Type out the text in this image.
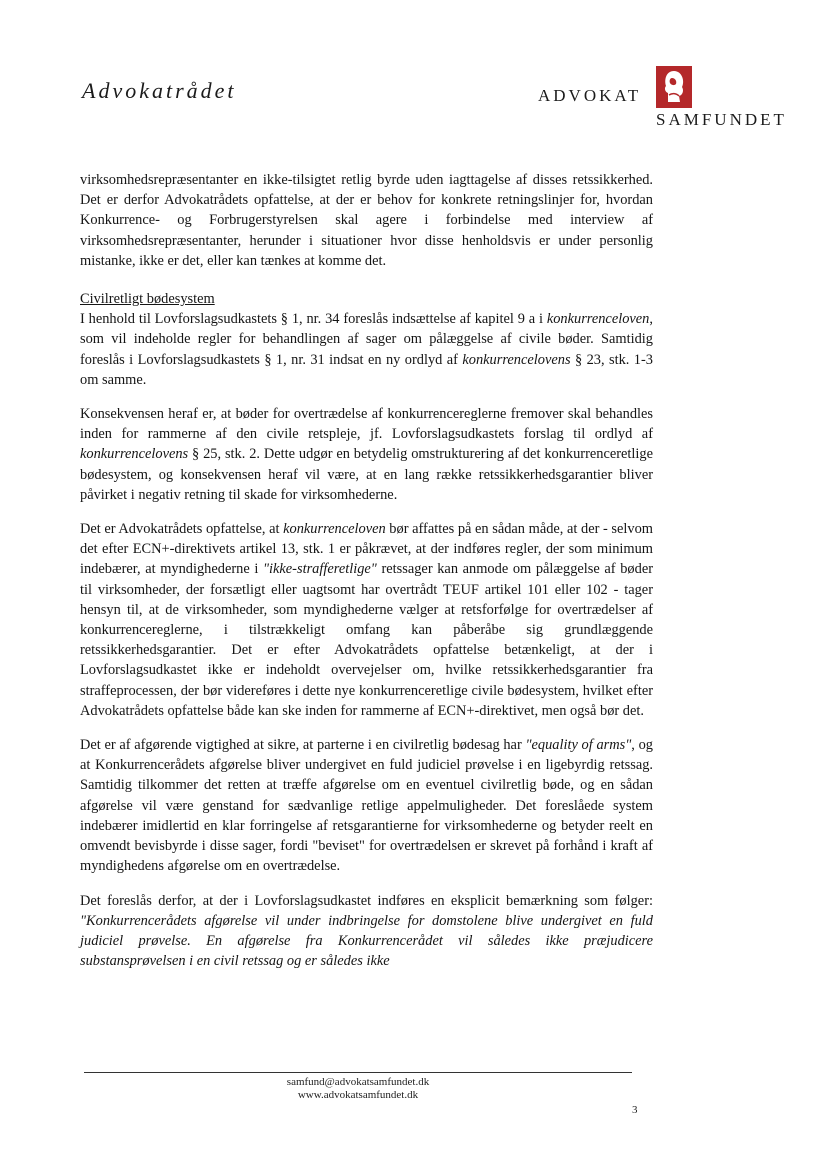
Advokatrådet	ADVOKAT
SAMFUNDET

virksomhedsrepræsentanter en ikke-tilsigtet retlig byrde uden iagttagelse af disses retssikkerhed. Det er derfor Advokatrådets opfattelse, at der er behov for konkrete retningslinjer for, hvordan Konkurrence- og Forbrugerstyrelsen skal agere i forbindelse med interview af virksomhedsrepræsentanter, herunder i situationer hvor disse henholdsvis er under personlig mistanke, ikke er det, eller kan tænkes at komme det.

Civilretligt bødesystem
I henhold til Lovforslagsudkastets § 1, nr. 34 foreslås indsættelse af kapitel 9 a i konkurrenceloven, som vil indeholde regler for behandlingen af sager om pålæggelse af civile bøder. Samtidig foreslås i Lovforslagsudkastets § 1, nr. 31 indsat en ny ordlyd af konkurrencelovens § 23, stk. 1-3 om samme.

Konsekvensen heraf er, at bøder for overtrædelse af konkurrencereglerne fremover skal behandles inden for rammerne af den civile retspleje, jf. Lovforslagsudkastets forslag til ordlyd af konkurrencelovens § 25, stk. 2. Dette udgør en betydelig omstrukturering af det konkurrenceretlige bødesystem, og konsekvensen heraf vil være, at en lang række retssikkerhedsgarantier bliver påvirket i negativ retning til skade for virksomhederne.

Det er Advokatrådets opfattelse, at konkurrenceloven bør affattes på en sådan måde, at der - selvom det efter ECN+-direktivets artikel 13, stk. 1 er påkrævet, at der indføres regler, der som minimum indebærer, at myndighederne i "ikke-strafferetlige" retssager kan anmode om pålæggelse af bøder til virksomheder, der forsætligt eller uagtsomt har overtrådt TEUF artikel 101 eller 102 - tager hensyn til, at de virksomheder, som myndighederne vælger at retsforfølge for overtrædelser af konkurrencereglerne, i tilstrækkeligt omfang kan påberåbe sig grundlæggende retssikkerhedsgarantier. Det er efter Advokatrådets opfattelse betænkeligt, at der i Lovforslagsudkastet ikke er indeholdt overvejelser om, hvilke retssikkerhedsgarantier fra straffeprocessen, der bør videreføres i dette nye konkurrenceretlige civile bødesystem, hvilket efter Advokatrådets opfattelse både kan ske inden for rammerne af ECN+-direktivet, men også bør det.

Det er af afgørende vigtighed at sikre, at parterne i en civilretlig bødesag har "equality of arms", og at Konkurrencerådets afgørelse bliver undergivet en fuld judiciel prøvelse i en ligebyrdig retssag. Samtidig tilkommer det retten at træffe afgørelse om en eventuel civilretlig bøde, og en sådan afgørelse vil være genstand for sædvanlige retlige appelmuligheder. Det foreslåede system indebærer imidlertid en klar forringelse af retsgarantierne for virksomhederne og betyder reelt en omvendt bevisbyrde i disse sager, fordi "beviset" for overtrædelsen er skrevet på forhånd i kraft af myndighedens afgørelse om en overtrædelse.

Det foreslås derfor, at der i Lovforslagsudkastet indføres en eksplicit bemærkning som følger: "Konkurrencerådets afgørelse vil under indbringelse for domstolene blive undergivet en fuld judiciel prøvelse. En afgørelse fra Konkurrencerådet vil således ikke præjudicere substansprøvelsen i en civil retssag og er således ikke

samfund@advokatsamfundet.dk
www.advokatsamfundet.dk
3
